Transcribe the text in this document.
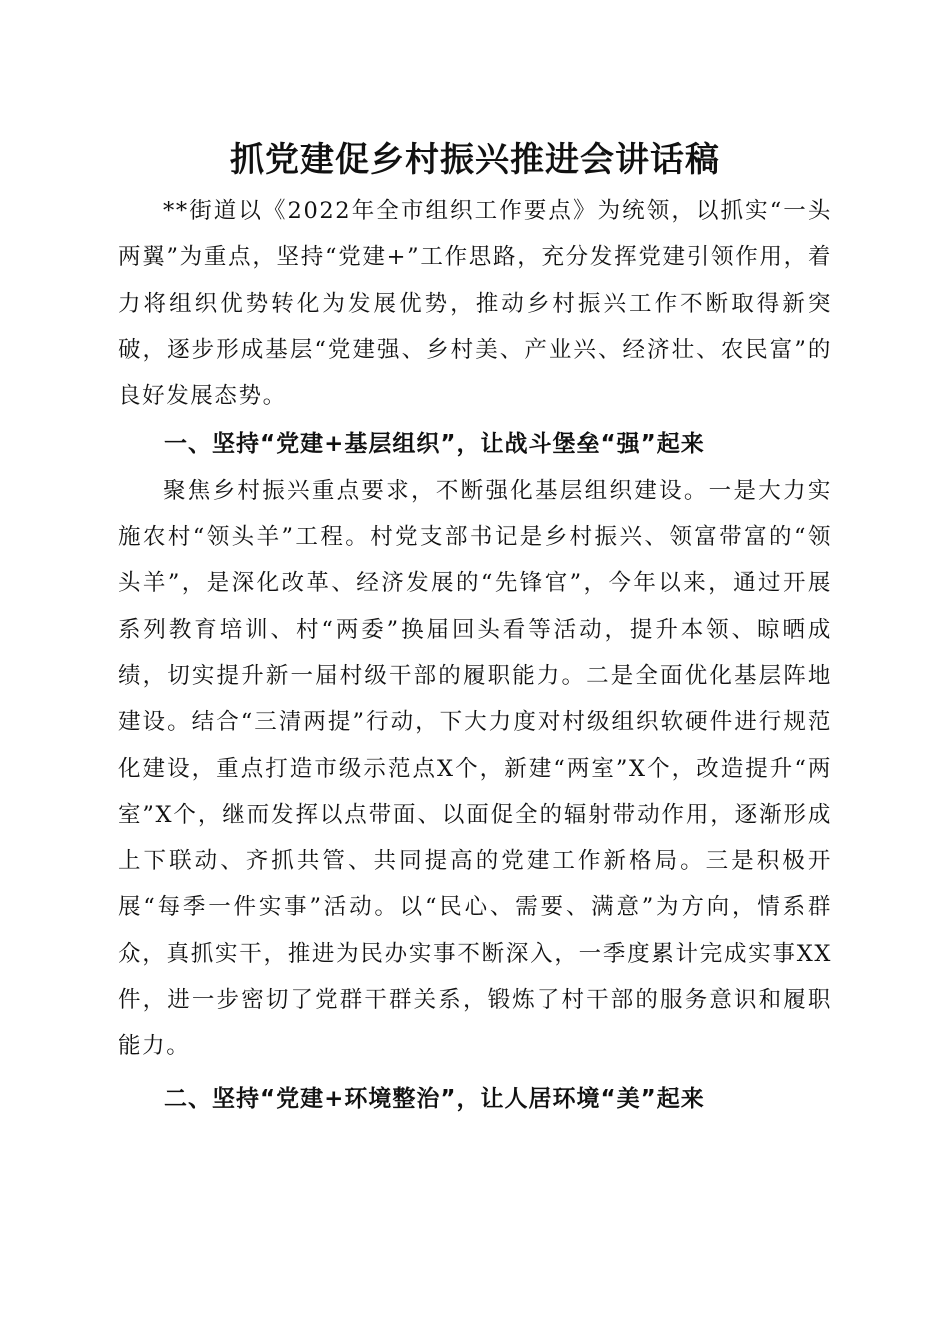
抓党建促乡村振兴推进会讲话稿

**街道以《2022年全市组织工作要点》为统领，以抓实“一头两翼”为重点，坚持“党建+”工作思路，充分发挥党建引领作用，着力将组织优势转化为发展优势，推动乡村振兴工作不断取得新突破，逐步形成基层“党建强、乡村美、产业兴、经济壮、农民富”的良好发展态势。

一、坚持“党建+基层组织”，让战斗堡垒“强”起来

聚焦乡村振兴重点要求，不断强化基层组织建设。一是大力实施农村“领头羊”工程。村党支部书记是乡村振兴、领富带富的“领头羊”，是深化改革、经济发展的“先锋官”，今年以来，通过开展系列教育培训、村“两委”换届回头看等活动，提升本领、晾晒成绩，切实提升新一届村级干部的履职能力。二是全面优化基层阵地建设。结合“三清两提”行动，下大力度对村级组织软硬件进行规范化建设，重点打造市级示范点X个，新建“两室”X个，改造提升“两室”X个，继而发挥以点带面、以面促全的辐射带动作用，逐渐形成上下联动、齐抓共管、共同提高的党建工作新格局。三是积极开展“每季一件实事”活动。以“民心、需要、满意”为方向，情系群众，真抓实干，推进为民办实事不断深入，一季度累计完成实事XX件，进一步密切了党群干群关系，锻炼了村干部的服务意识和履职能力。

二、坚持“党建+环境整治”，让人居环境“美”起来
